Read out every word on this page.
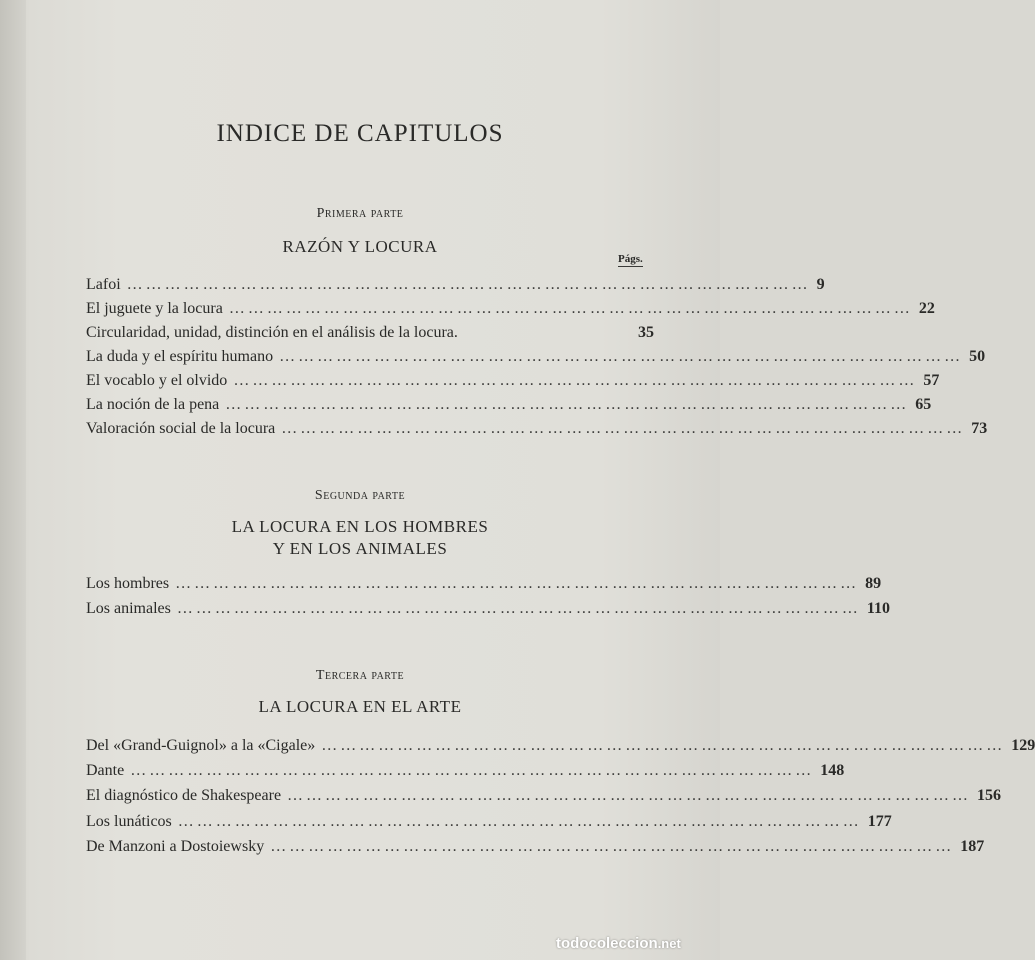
INDICE DE CAPITULOS
Primera parte
RAZÓN Y LOCURA
Págs.
Lafoi ……………………………………………………………………………………………… 9
El juguete y la locura ……………………………………………………………………………………………… 22
Circularidad, unidad, distinción en el análisis de la locura.	35
La duda y el espíritu humano ……………………………………………………………………………………………… 50
El vocablo y el olvido ……………………………………………………………………………………………… 57
La noción de la pena ……………………………………………………………………………………………… 65
Valoración social de la locura ……………………………………………………………………………………………… 73
Segunda parte
LA LOCURA EN LOS HOMBRES
Y EN LOS ANIMALES
Los hombres ……………………………………………………………………………………………… 89
Los animales ……………………………………………………………………………………………… 110
Tercera parte
LA LOCURA EN EL ARTE
Del «Grand-Guignol» a la «Cigale» ……………………………………………………………………………………………… 129
Dante ……………………………………………………………………………………………… 148
El diagnóstico de Shakespeare ……………………………………………………………………………………………… 156
Los lunáticos ……………………………………………………………………………………………… 177
De Manzoni a Dostoiewsky ……………………………………………………………………………………………… 187
todocoleccion.net
